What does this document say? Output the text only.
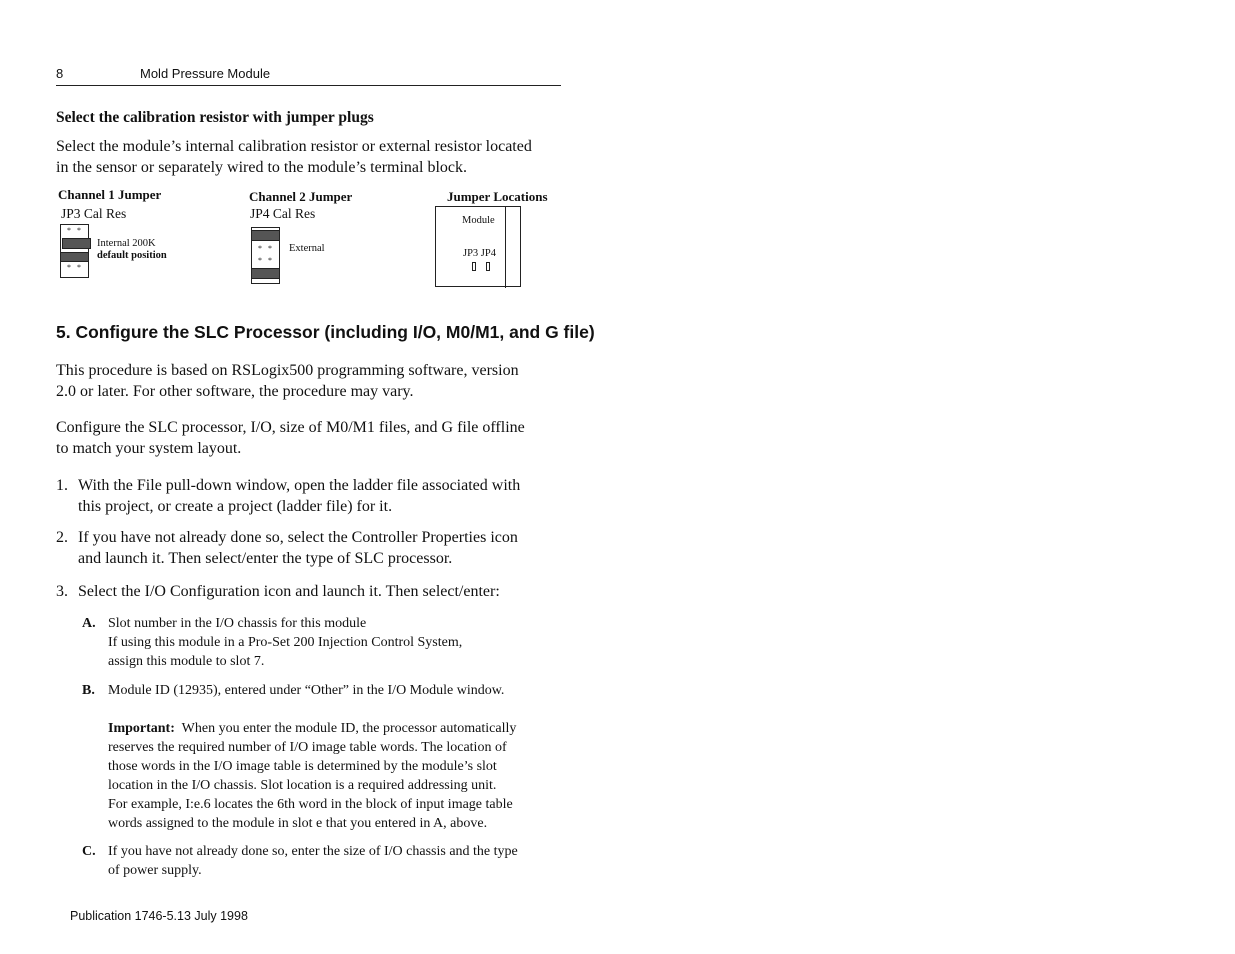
8	Mold Pressure Module
Select the calibration resistor with jumper plugs
Select the module’s internal calibration resistor or external resistor located
in the sensor or separately wired to the module’s terminal block.
Channel 1 Jumper
JP3 Cal Res
* *
* *
Internal 200K
default position
Channel 2 Jumper
JP4 Cal Res
* *
* *
External
Jumper Locations
Module
JP3 JP4
5. Configure the SLC Processor (including I/O, M0/M1, and G file)
This procedure is based on RSLogix500 programming software, version
2.0 or later. For other software, the procedure may vary.
Configure the SLC processor, I/O, size of M0/M1 files, and G file offline
to match your system layout.
1. With the File pull-down window, open the ladder file associated with
this project, or create a project (ladder file) for it.
2. If you have not already done so, select the Controller Properties icon
and launch it. Then select/enter the type of SLC processor.
3. Select the I/O Configuration icon and launch it. Then select/enter:
A. Slot number in the I/O chassis for this module
If using this module in a Pro-Set 200 Injection Control System,
assign this module to slot 7.
B. Module ID (12935), entered under “Other” in the I/O Module window.
Important: When you enter the module ID, the processor automatically
reserves the required number of I/O image table words. The location of
those words in the I/O image table is determined by the module’s slot
location in the I/O chassis. Slot location is a required addressing unit.
For example, I:e.6 locates the 6th word in the block of input image table
words assigned to the module in slot e that you entered in A, above.
C. If you have not already done so, enter the size of I/O chassis and the type
of power supply.
Publication 1746-5.13 July 1998
